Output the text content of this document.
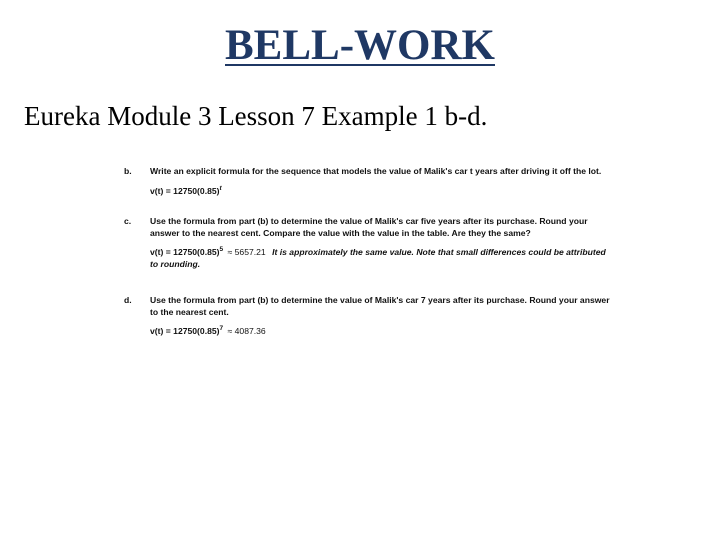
BELL-WORK
Eureka Module 3 Lesson 7 Example 1 b-d.
b. Write an explicit formula for the sequence that models the value of Malik's car t years after driving it off the lot.
$v(t) = 12750(0.85)^t$
c. Use the formula from part (b) to determine the value of Malik's car five years after its purchase. Round your answer to the nearest cent. Compare the value with the value in the table. Are they the same?
$v(t) = 12750(0.85)^5 \approx 5657.21$ It is approximately the same value. Note that small differences could be attributed to rounding.
d. Use the formula from part (b) to determine the value of Malik's car 7 years after its purchase. Round your answer to the nearest cent.
$v(t) = 12750(0.85)^7 \approx 4087.36$
